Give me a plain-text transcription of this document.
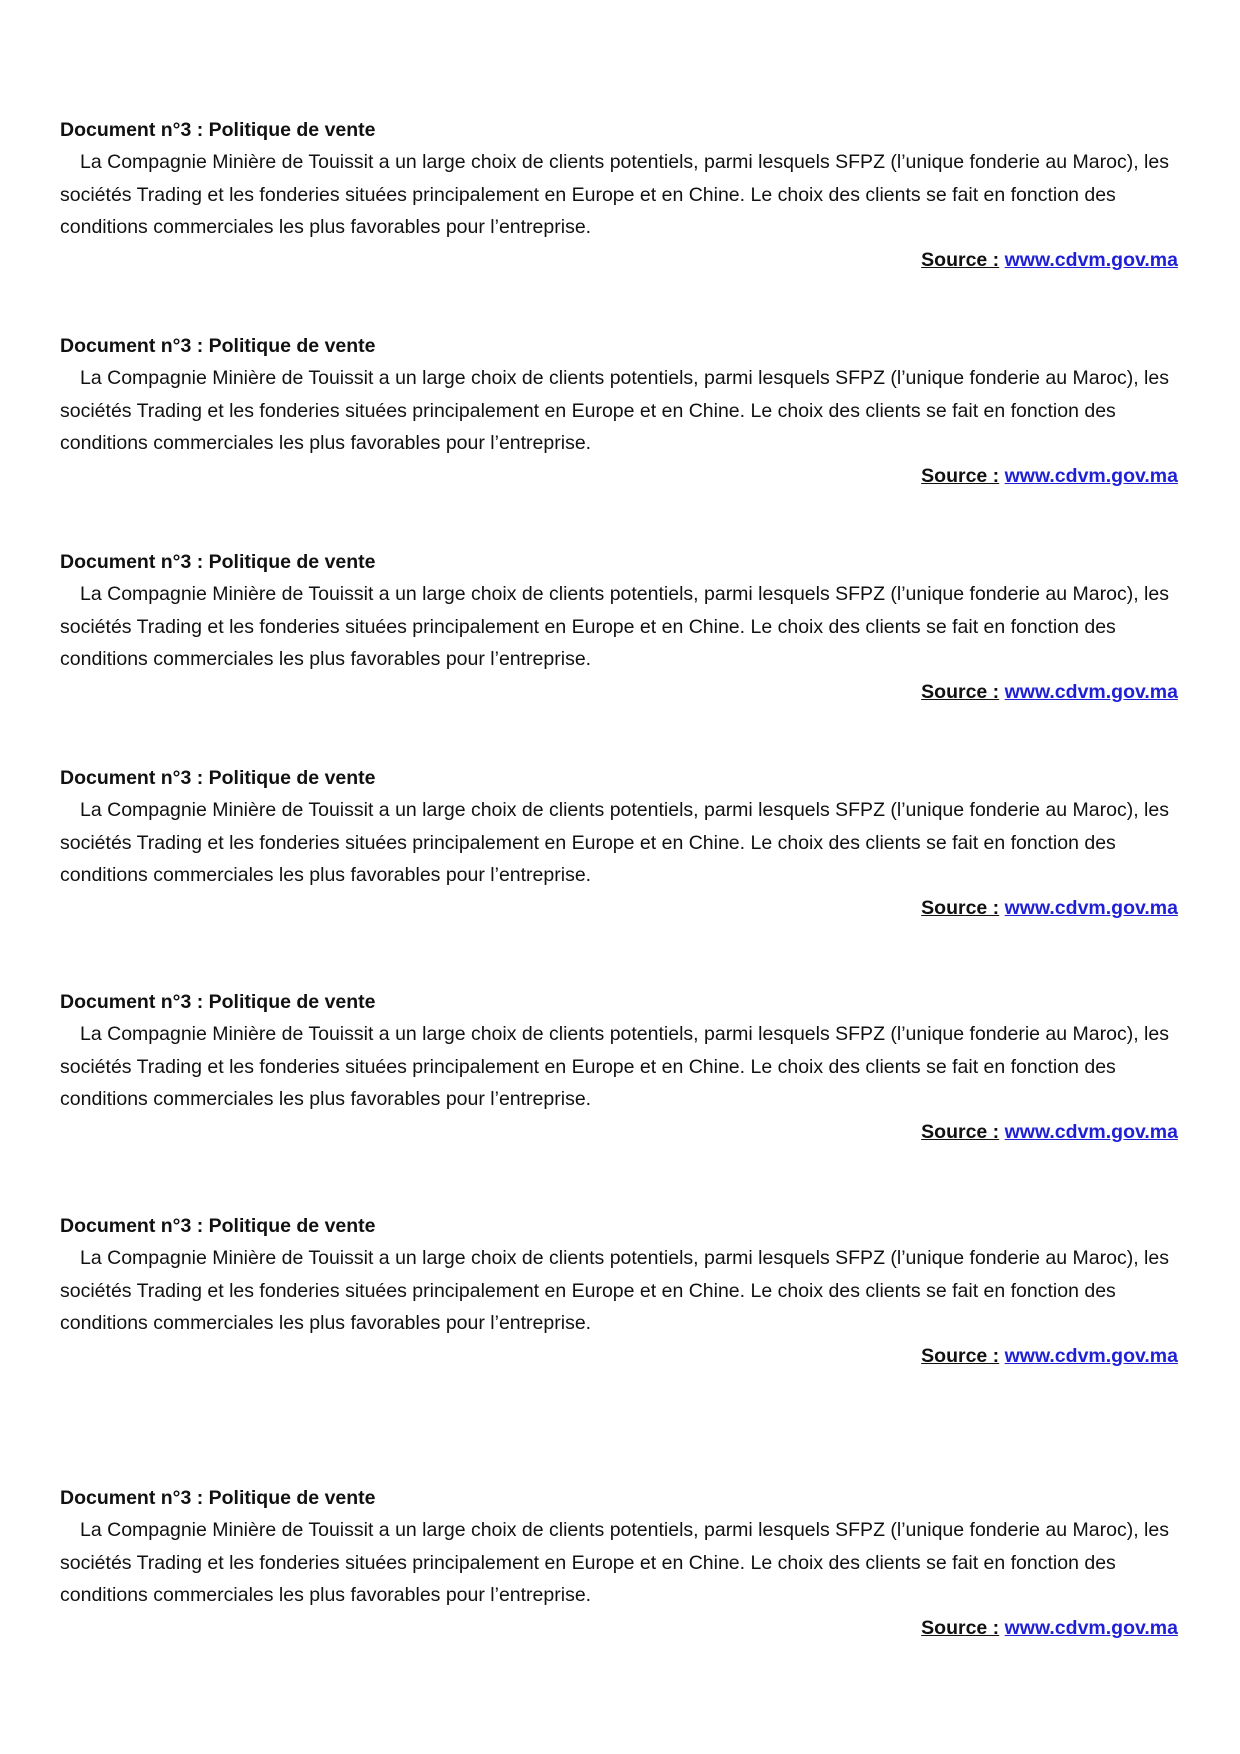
Document n°3 : Politique de vente

La Compagnie Minière de Touissit a un large choix de clients potentiels, parmi lesquels SFPZ (l’unique fonderie au Maroc), les sociétés Trading et les fonderies situées principalement en Europe et en Chine. Le choix des clients se fait en fonction des conditions commerciales les plus favorables pour l’entreprise.

Source : www.cdvm.gov.ma

Document n°3 : Politique de vente

La Compagnie Minière de Touissit a un large choix de clients potentiels, parmi lesquels SFPZ (l’unique fonderie au Maroc), les sociétés Trading et les fonderies situées principalement en Europe et en Chine. Le choix des clients se fait en fonction des conditions commerciales les plus favorables pour l’entreprise.

Source : www.cdvm.gov.ma

Document n°3 : Politique de vente

La Compagnie Minière de Touissit a un large choix de clients potentiels, parmi lesquels SFPZ (l’unique fonderie au Maroc), les sociétés Trading et les fonderies situées principalement en Europe et en Chine. Le choix des clients se fait en fonction des conditions commerciales les plus favorables pour l’entreprise.

Source : www.cdvm.gov.ma

Document n°3 : Politique de vente

La Compagnie Minière de Touissit a un large choix de clients potentiels, parmi lesquels SFPZ (l’unique fonderie au Maroc), les sociétés Trading et les fonderies situées principalement en Europe et en Chine. Le choix des clients se fait en fonction des conditions commerciales les plus favorables pour l’entreprise.

Source : www.cdvm.gov.ma

Document n°3 : Politique de vente

La Compagnie Minière de Touissit a un large choix de clients potentiels, parmi lesquels SFPZ (l’unique fonderie au Maroc), les sociétés Trading et les fonderies situées principalement en Europe et en Chine. Le choix des clients se fait en fonction des conditions commerciales les plus favorables pour l’entreprise.

Source : www.cdvm.gov.ma

Document n°3 : Politique de vente

La Compagnie Minière de Touissit a un large choix de clients potentiels, parmi lesquels SFPZ (l’unique fonderie au Maroc), les sociétés Trading et les fonderies situées principalement en Europe et en Chine. Le choix des clients se fait en fonction des conditions commerciales les plus favorables pour l’entreprise.

Source : www.cdvm.gov.ma

Document n°3 : Politique de vente

La Compagnie Minière de Touissit a un large choix de clients potentiels, parmi lesquels SFPZ (l’unique fonderie au Maroc), les sociétés Trading et les fonderies situées principalement en Europe et en Chine. Le choix des clients se fait en fonction des conditions commerciales les plus favorables pour l’entreprise.

Source : www.cdvm.gov.ma
